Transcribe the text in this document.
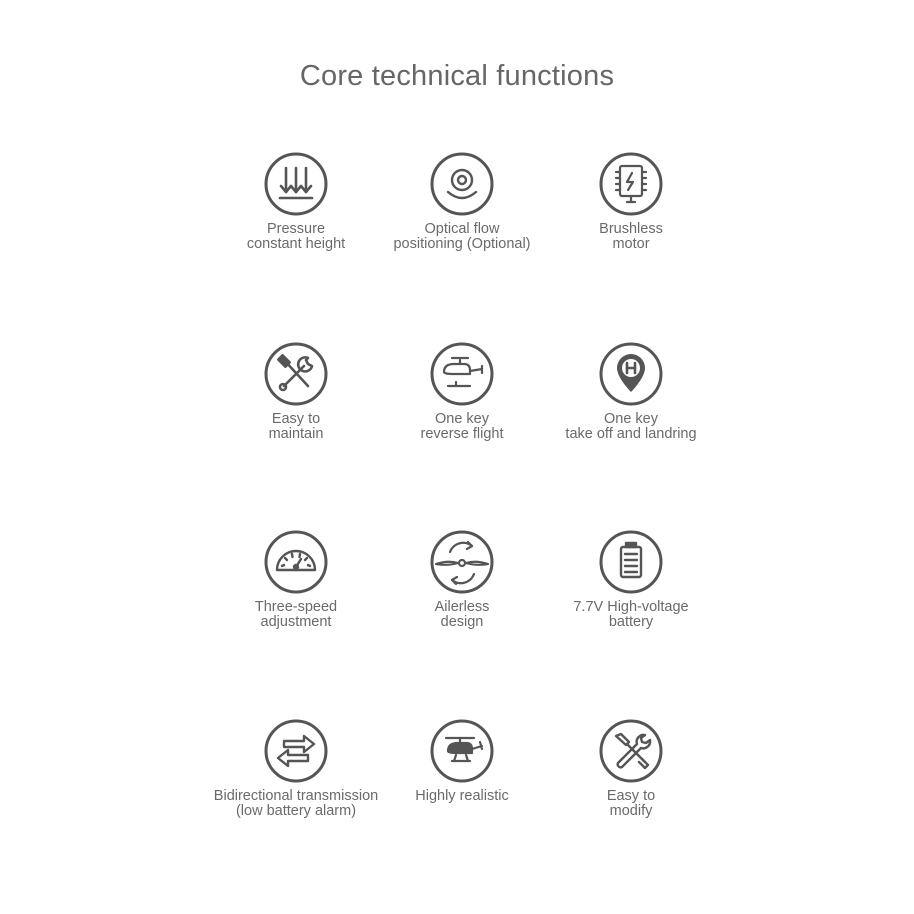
Core technical functions
Pressure
constant height
Optical flow
positioning (Optional)
Brushless
motor
Easy to
maintain
One key
reverse flight
One key
take off and landring
Three-speed
adjustment
Ailerless
design
7.7V High-voltage
battery
Bidirectional transmission
(low battery alarm)
Highly realistic	Easy to
modify
